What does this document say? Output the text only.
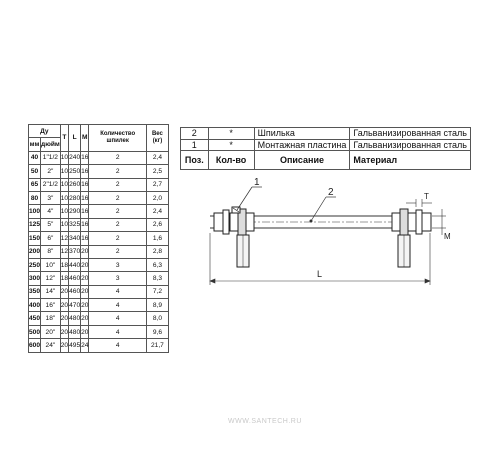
Ду		T	L	M	Количество шпилек	Вес (кг)
мм	дюйм					
40	1"1/2	10	240	16	2	2,4
50	2"	10	250	16	2	2,5
65	2"1/2	10	260	16	2	2,7
80	3"	10	280	16	2	2,0
100	4"	10	290	16	2	2,4
125	5"	10	325	16	2	2,6
150	6"	12	340	16	2	1,6
200	8"	12	370	20	2	2,8
250	10"	18	440	20	3	6,3
300	12"	18	460	20	3	8,3
350	14"	20	460	20	4	7,2
400	16"	20	470	20	4	8,9
450	18"	20	480	20	4	8,0
500	20"	20	480	20	4	9,6
600	24"	20	495	24	4	21,7
2	*	Шпилька	Гальванизированная сталь
1	*	Монтажная пластина	Гальванизированная сталь
Поз.	Кол-во	Описание	Материал
1
2	T
M
L
WWW.SANTECH.RU
